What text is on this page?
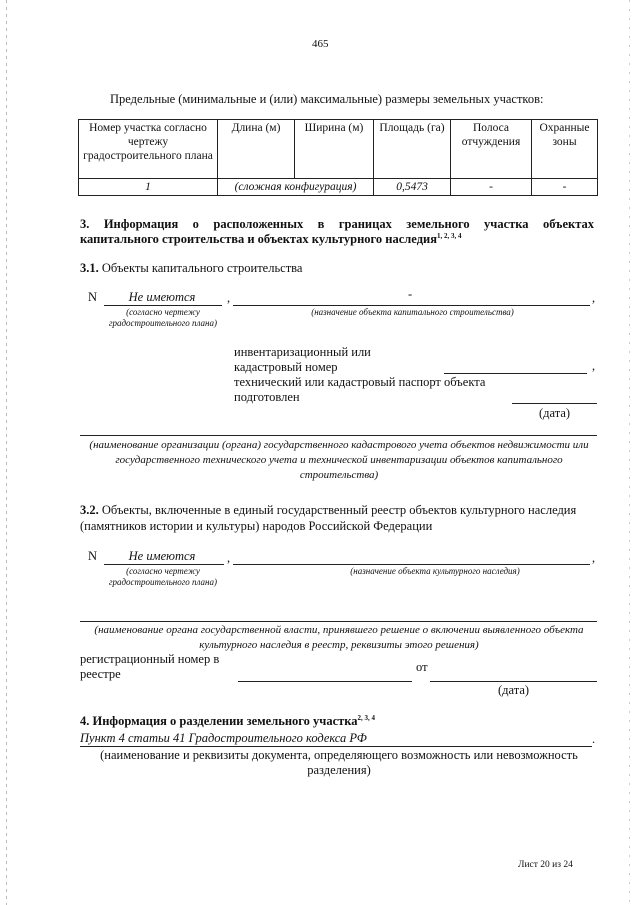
465
Предельные (минимальные и (или) максимальные) размеры земельных участков:
Номер участка согласно чертежу градостроительного плана	Длина (м)	Ширина (м)	Площадь (га)	Полоса отчуждения	Охранные зоны
1	(сложная конфигурация)		0,5473	-	-
3. Информация о расположенных в границах земельного участка объектах
капитального строительства и объектах культурного наследия$^{1, 2, 3, 4}$
3.1. Объекты капитального строительства
N	Не имеются	,	-	,
(согласно чертежу градостроительного плана)
(назначение объекта капитального строительства)
инвентаризационный или
кадастровый номер	,
технический или кадастровый паспорт объекта
подготовлен
(дата)
(наименование организации (органа) государственного кадастрового учета объектов недвижимости или государственного технического учета и технической инвентаризации объектов капитального строительства)
3.2. Объекты, включенные в единый государственный реестр объектов культурного наследия (памятников истории и культуры) народов Российской Федерации
N	Не имеются	,	,
(согласно чертежу градостроительного плана)
(назначение объекта культурного наследия)
(наименование органа государственной власти, принявшего решение о включении выявленного объекта культурного наследия в реестр, реквизиты этого решения)
регистрационный номер в
реестре	от
(дата)
4. Информация о разделении земельного участка$^{2, 3, 4}$
Пункт 4 статьи 41 Градостроительного кодекса РФ	.
(наименование и реквизиты документа, определяющего возможность или невозможность разделения)
Лист 20 из 24
